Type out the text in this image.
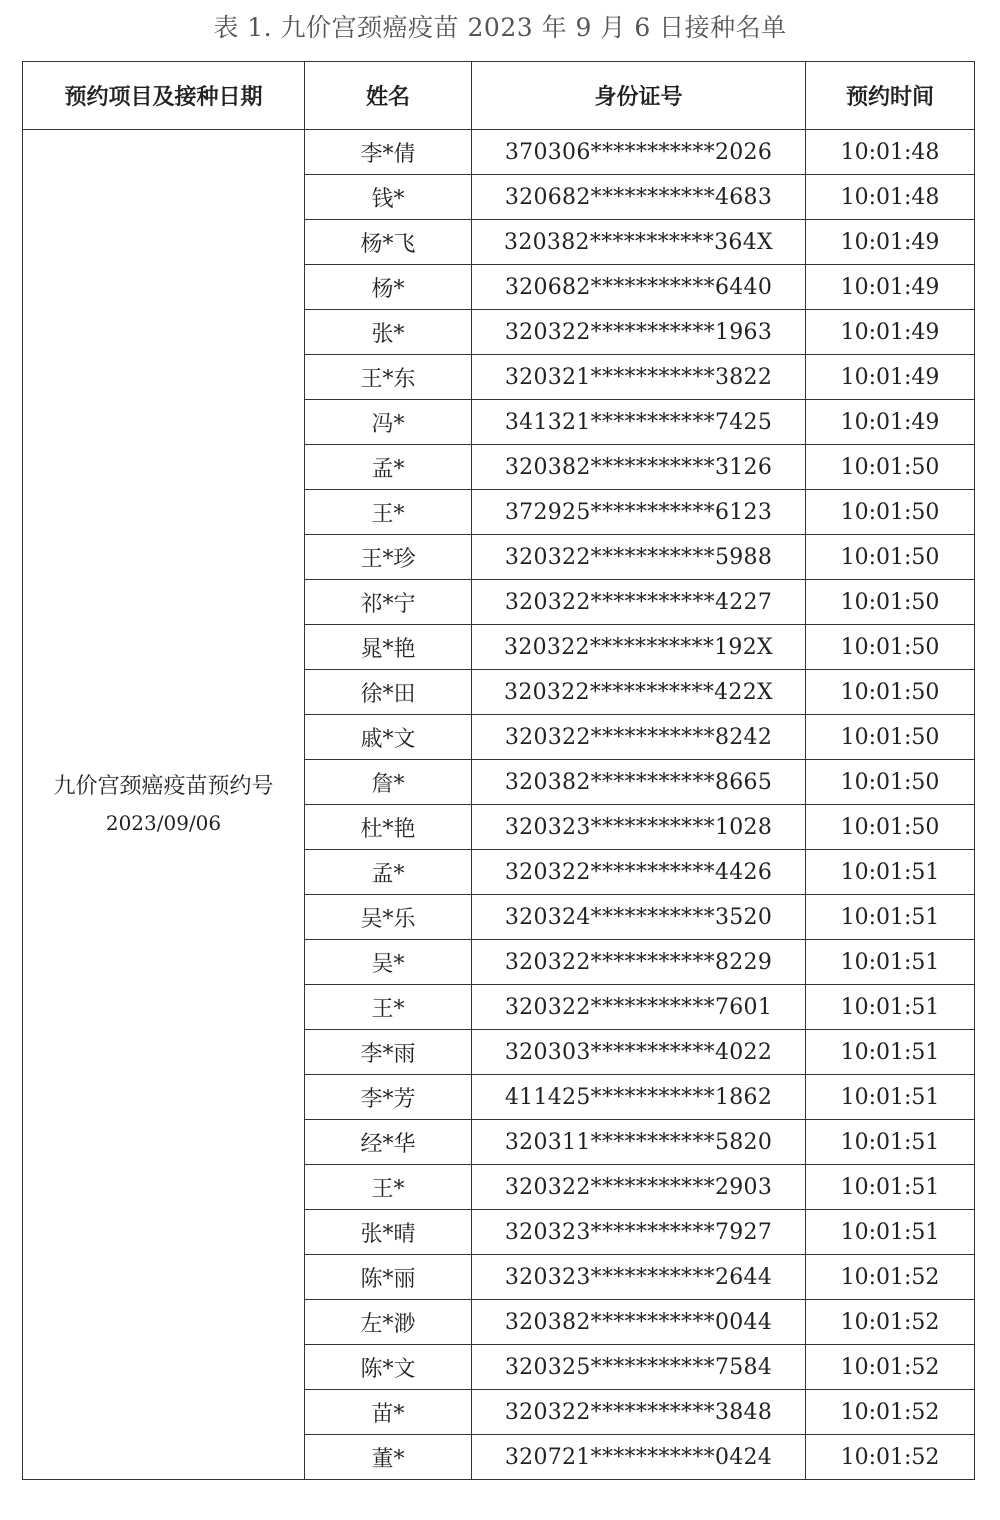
表 1. 九价宫颈癌疫苗 2023 年 9 月 6 日接种名单
预约项目及接种日期	姓名	身份证号	预约时间

九价宫颈癌疫苗预约号
2023/09/06	李*倩	370306***********2026	10:01:48
	钱*	320682***********4683	10:01:48
	杨*飞	320382***********364X	10:01:49
	杨*	320682***********6440	10:01:49
	张*	320322***********1963	10:01:49
	王*东	320321***********3822	10:01:49
	冯*	341321***********7425	10:01:49
	孟*	320382***********3126	10:01:50
	王*	372925***********6123	10:01:50
	王*珍	320322***********5988	10:01:50
	祁*宁	320322***********4227	10:01:50
	晁*艳	320322***********192X	10:01:50
	徐*田	320322***********422X	10:01:50
	戚*文	320322***********8242	10:01:50
	詹*	320382***********8665	10:01:50
	杜*艳	320323***********1028	10:01:50
	孟*	320322***********4426	10:01:51
	吴*乐	320324***********3520	10:01:51
	吴*	320322***********8229	10:01:51
	王*	320322***********7601	10:01:51
	李*雨	320303***********4022	10:01:51
	李*芳	411425***********1862	10:01:51
	经*华	320311***********5820	10:01:51
	王*	320322***********2903	10:01:51
	张*晴	320323***********7927	10:01:51
	陈*丽	320323***********2644	10:01:52
	左*渺	320382***********0044	10:01:52
	陈*文	320325***********7584	10:01:52
	苗*	320322***********3848	10:01:52
	董*	320721***********0424	10:01:52
